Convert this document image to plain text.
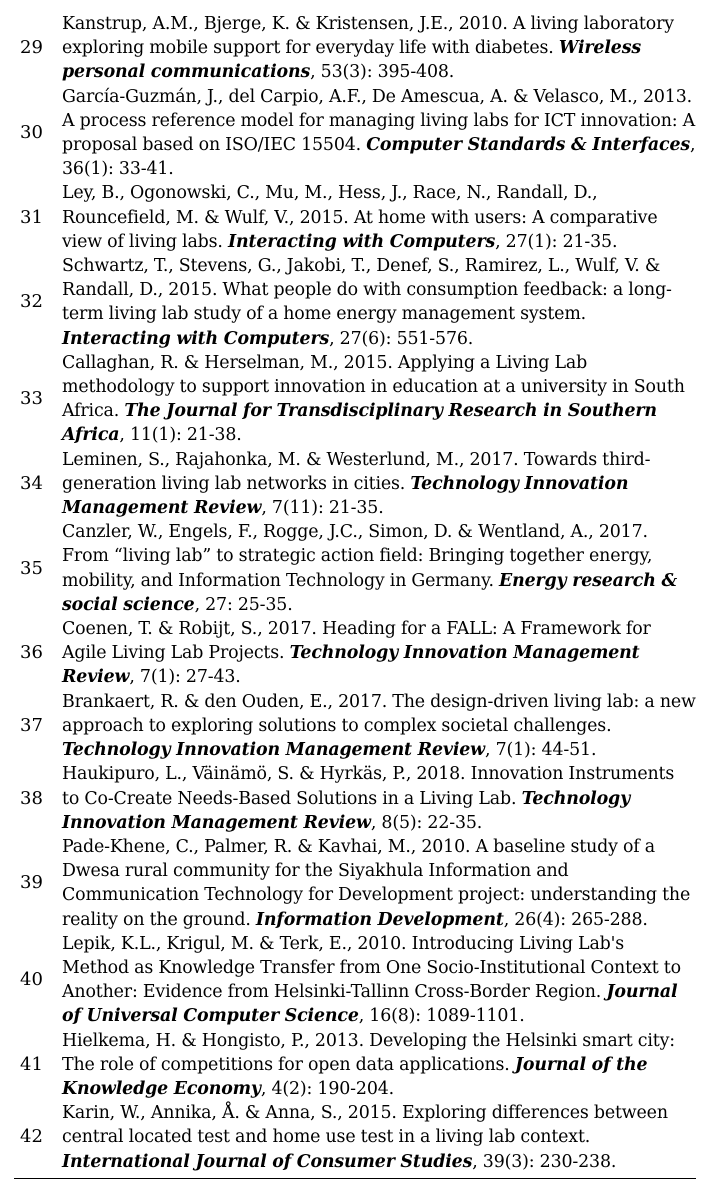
29
Kanstrup, A.M., Bjerge, K. & Kristensen, J.E., 2010. A living laboratory exploring mobile support for everyday life with diabetes. Wireless personal communications, 53(3): 395-408.
30
García-Guzmán, J., del Carpio, A.F., De Amescua, A. & Velasco, M., 2013. A process reference model for managing living labs for ICT innovation: A proposal based on ISO/IEC 15504. Computer Standards & Interfaces, 36(1): 33-41.
31
Ley, B., Ogonowski, C., Mu, M., Hess, J., Race, N., Randall, D., Rouncefield, M. & Wulf, V., 2015. At home with users: A comparative view of living labs. Interacting with Computers, 27(1): 21-35.
32
Schwartz, T., Stevens, G., Jakobi, T., Denef, S., Ramirez, L., Wulf, V. & Randall, D., 2015. What people do with consumption feedback: a long-term living lab study of a home energy management system. Interacting with Computers, 27(6): 551-576.
33
Callaghan, R. & Herselman, M., 2015. Applying a Living Lab methodology to support innovation in education at a university in South Africa. The Journal for Transdisciplinary Research in Southern Africa, 11(1): 21-38.
34
Leminen, S., Rajahonka, M. & Westerlund, M., 2017. Towards third-generation living lab networks in cities. Technology Innovation Management Review, 7(11): 21-35.
35
Canzler, W., Engels, F., Rogge, J.C., Simon, D. & Wentland, A., 2017. From “living lab” to strategic action field: Bringing together energy, mobility, and Information Technology in Germany. Energy research & social science, 27: 25-35.
36
Coenen, T. & Robijt, S., 2017. Heading for a FALL: A Framework for Agile Living Lab Projects. Technology Innovation Management Review, 7(1): 27-43.
37
Brankaert, R. & den Ouden, E., 2017. The design-driven living lab: a new approach to exploring solutions to complex societal challenges. Technology Innovation Management Review, 7(1): 44-51.
38
Haukipuro, L., Väinämö, S. & Hyrkäs, P., 2018. Innovation Instruments to Co-Create Needs-Based Solutions in a Living Lab. Technology Innovation Management Review, 8(5): 22-35.
39
Pade-Khene, C., Palmer, R. & Kavhai, M., 2010. A baseline study of a Dwesa rural community for the Siyakhula Information and Communication Technology for Development project: understanding the reality on the ground. Information Development, 26(4): 265-288.
40
Lepik, K.L., Krigul, M. & Terk, E., 2010. Introducing Living Lab's Method as Knowledge Transfer from One Socio-Institutional Context to Another: Evidence from Helsinki-Tallinn Cross-Border Region. Journal of Universal Computer Science, 16(8): 1089-1101.
41
Hielkema, H. & Hongisto, P., 2013. Developing the Helsinki smart city: The role of competitions for open data applications. Journal of the Knowledge Economy, 4(2): 190-204.
42
Karin, W., Annika, Å. & Anna, S., 2015. Exploring differences between central located test and home use test in a living lab context. International Journal of Consumer Studies, 39(3): 230-238.
